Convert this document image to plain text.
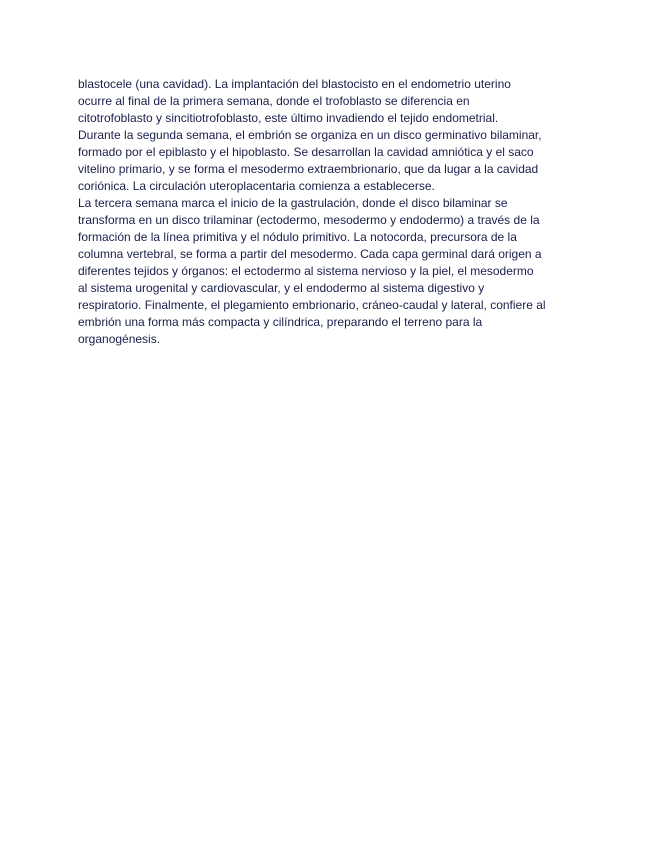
blastocele (una cavidad). La implantación del blastocisto en el endometrio uterino
ocurre al final de la primera semana, donde el trofoblasto se diferencia en
citotrofoblasto y sincitiotrofoblasto, este último invadiendo el tejido endometrial.
Durante la segunda semana, el embrión se organiza en un disco germinativo bilaminar,
formado por el epiblasto y el hipoblasto. Se desarrollan la cavidad amniótica y el saco
vitelino primario, y se forma el mesodermo extraembrionario, que da lugar a la cavidad
coriónica. La circulación uteroplacentaria comienza a establecerse.
La tercera semana marca el inicio de la gastrulación, donde el disco bilaminar se
transforma en un disco trilaminar (ectodermo, mesodermo y endodermo) a través de la
formación de la línea primitiva y el nódulo primitivo. La notocorda, precursora de la
columna vertebral, se forma a partir del mesodermo. Cada capa germinal dará origen a
diferentes tejidos y órganos: el ectodermo al sistema nervioso y la piel, el mesodermo
al sistema urogenital y cardiovascular, y el endodermo al sistema digestivo y
respiratorio. Finalmente, el plegamiento embrionario, cráneo-caudal y lateral, confiere al
embrión una forma más compacta y cilíndrica, preparando el terreno para la
organogénesis.
